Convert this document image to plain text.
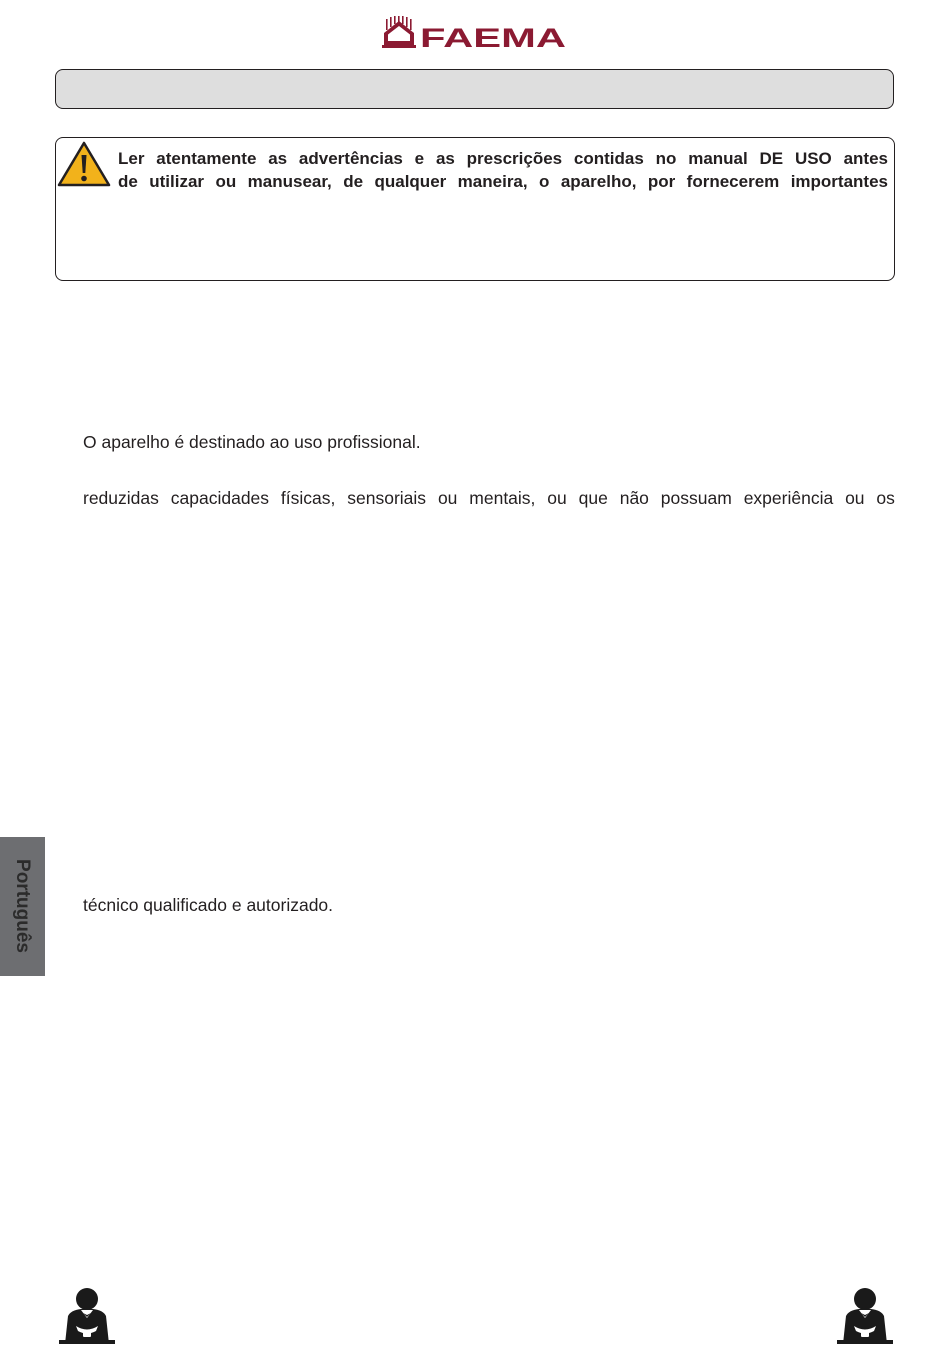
FAEMA
Ler atentamente as advertências e as prescrições contidas no manual DE USO antes
de utilizar ou manusear, de qualquer maneira, o aparelho, por fornecerem importantes
O aparelho é destinado ao uso profissional.
reduzidas capacidades físicas, sensoriais ou mentais, ou que não possuam experiência ou os
técnico qualificado e autorizado.
Português
